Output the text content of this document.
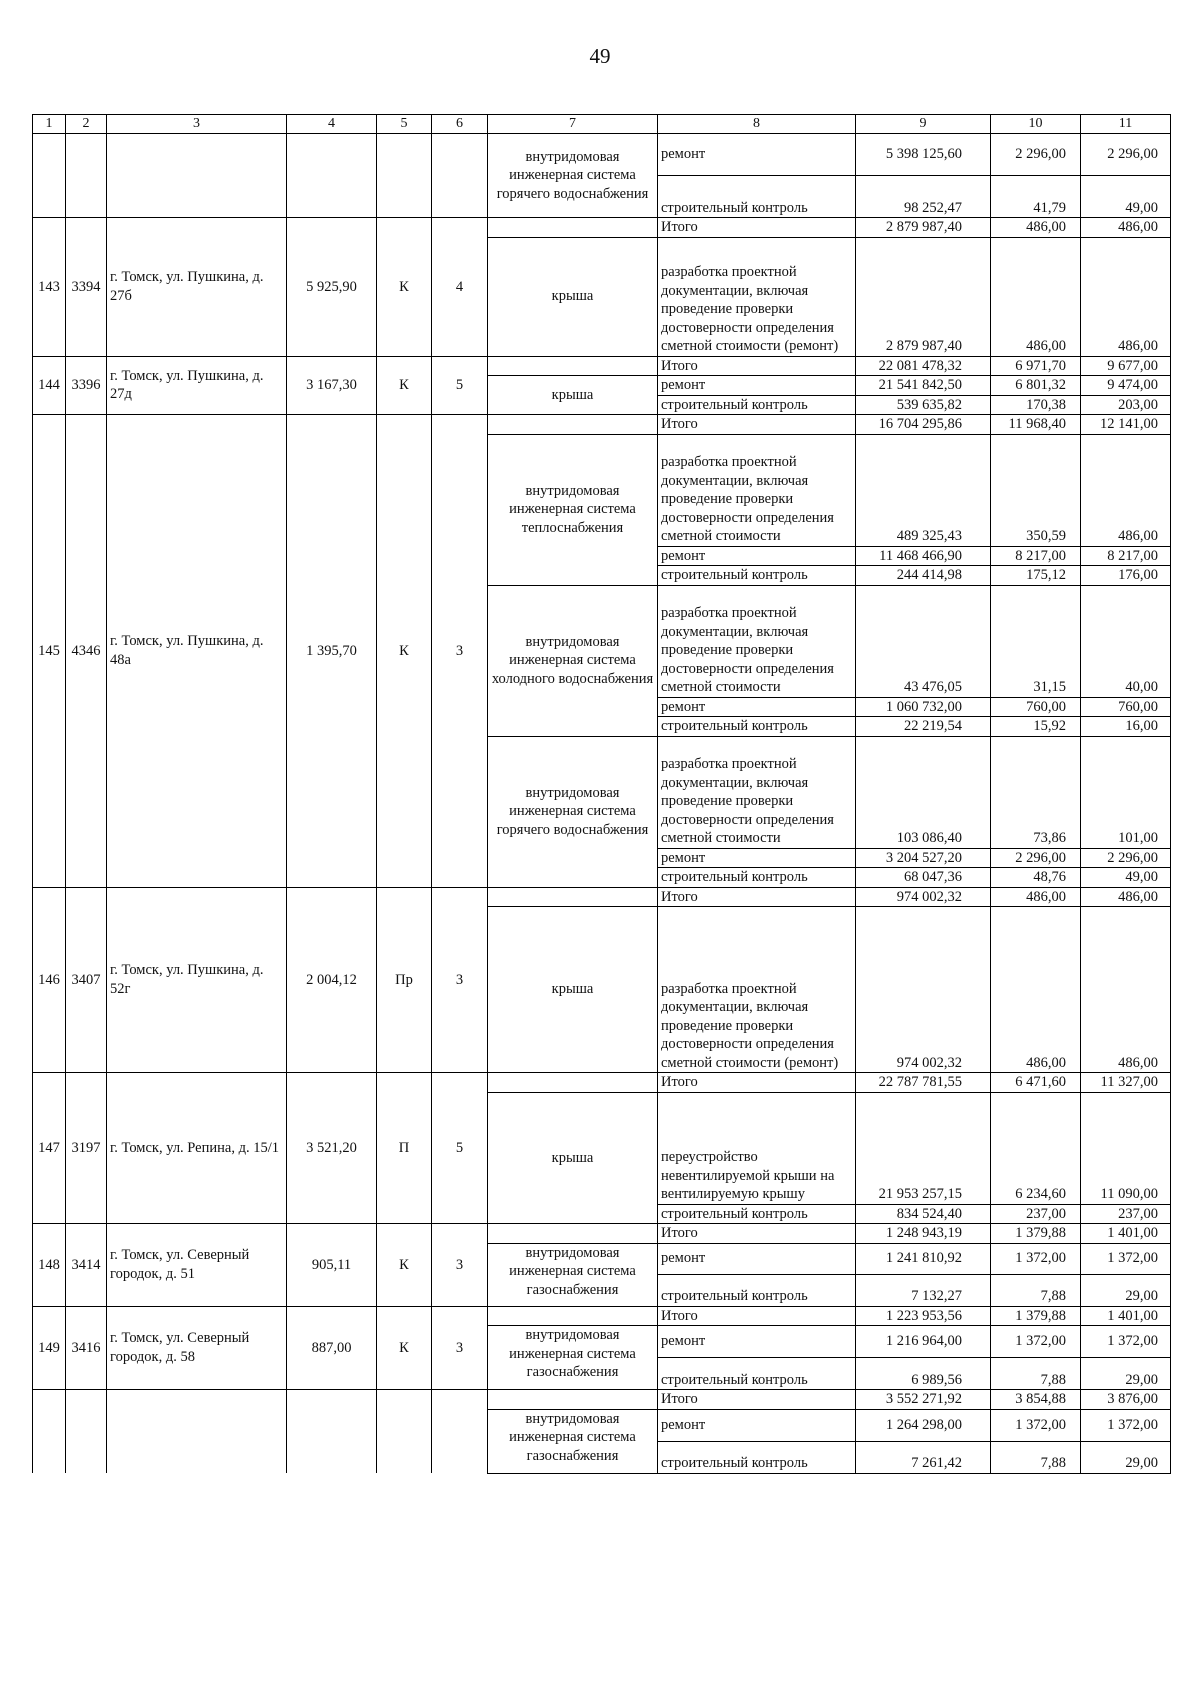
49
1	2	3	4	5	6	7	8	9	10	11
						внутридомовая инженерная система горячего водоснабжения	ремонт	5 398 125,60	2 296,00	2 296,00
							строительный контроль	98 252,47	41,79	49,00
143	3394	г. Томск, ул. Пушкина, д. 27б	5 925,90	К	4		Итого	2 879 987,40	486,00	486,00
						крыша	разработка проектной документации, включая проведение проверки достоверности определения сметной стоимости (ремонт)	2 879 987,40	486,00	486,00
144	3396	г. Томск, ул. Пушкина, д. 27д	3 167,30	К	5		Итого	22 081 478,32	6 971,70	9 677,00
						крыша	ремонт	21 541 842,50	6 801,32	9 474,00
							строительный контроль	539 635,82	170,38	203,00
145	4346	г. Томск, ул. Пушкина, д. 48а	1 395,70	К	3		Итого	16 704 295,86	11 968,40	12 141,00
						внутридомовая инженерная система теплоснабжения	разработка проектной документации, включая проведение проверки достоверности определения сметной стоимости	489 325,43	350,59	486,00
							ремонт	11 468 466,90	8 217,00	8 217,00
							строительный контроль	244 414,98	175,12	176,00
						внутридомовая инженерная система холодного водоснабжения	разработка проектной документации, включая проведение проверки достоверности определения сметной стоимости	43 476,05	31,15	40,00
							ремонт	1 060 732,00	760,00	760,00
							строительный контроль	22 219,54	15,92	16,00
						внутридомовая инженерная система горячего водоснабжения	разработка проектной документации, включая проведение проверки достоверности определения сметной стоимости	103 086,40	73,86	101,00
							ремонт	3 204 527,20	2 296,00	2 296,00
							строительный контроль	68 047,36	48,76	49,00
146	3407	г. Томск, ул. Пушкина, д. 52г	2 004,12	Пр	3		Итого	974 002,32	486,00	486,00
						крыша	разработка проектной документации, включая проведение проверки достоверности определения сметной стоимости (ремонт)	974 002,32	486,00	486,00
147	3197	г. Томск, ул. Репина, д. 15/1	3 521,20	П	5		Итого	22 787 781,55	6 471,60	11 327,00
						крыша	переустройство невентилируемой крыши на вентилируемую крышу	21 953 257,15	6 234,60	11 090,00
							строительный контроль	834 524,40	237,00	237,00
148	3414	г. Томск, ул. Северный городок, д. 51	905,11	К	3		Итого	1 248 943,19	1 379,88	1 401,00
						внутридомовая инженерная система газоснабжения	ремонт	1 241 810,92	1 372,00	1 372,00
							строительный контроль	7 132,27	7,88	29,00
149	3416	г. Томск, ул. Северный городок, д. 58	887,00	К	3		Итого	1 223 953,56	1 379,88	1 401,00
						внутридомовая инженерная система газоснабжения	ремонт	1 216 964,00	1 372,00	1 372,00
							строительный контроль	6 989,56	7,88	29,00
							Итого	3 552 271,92	3 854,88	3 876,00
						внутридомовая инженерная система газоснабжения	ремонт	1 264 298,00	1 372,00	1 372,00
							строительный контроль	7 261,42	7,88	29,00
